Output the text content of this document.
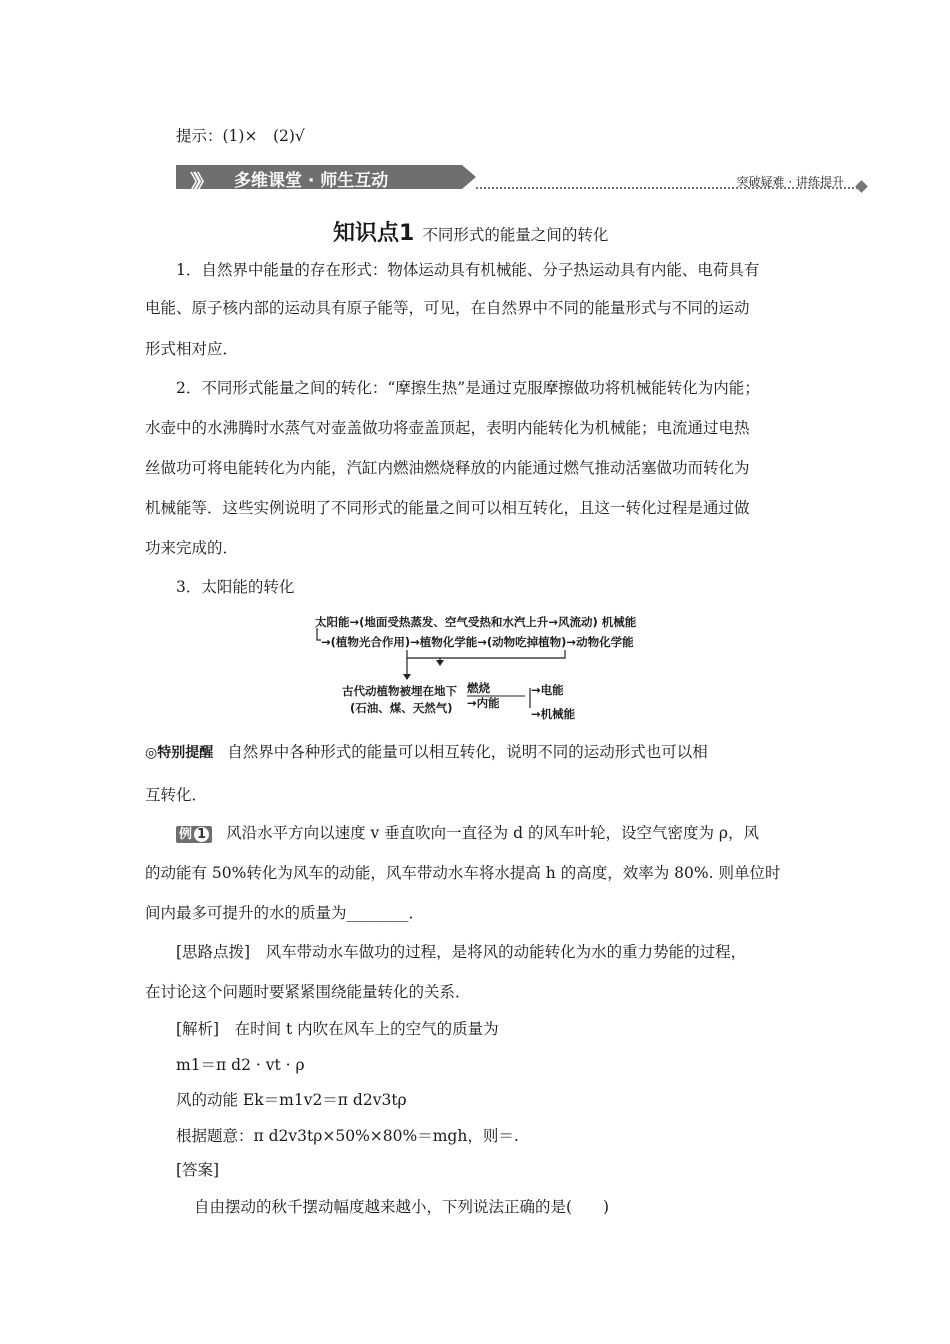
提示：(1)×　(2)√
》》 多维课堂 · 师生互动	突破疑难 · 讲练提升
知识点1 不同形式的能量之间的转化
1．自然界中能量的存在形式：物体运动具有机械能、分子热运动具有内能、电荷具有
电能、原子核内部的运动具有原子能等，可见，在自然界中不同的能量形式与不同的运动
形式相对应．
2．不同形式能量之间的转化：“摩擦生热”是通过克服摩擦做功将机械能转化为内能；
水壶中的水沸腾时水蒸气对壶盖做功将壶盖顶起，表明内能转化为机械能；电流通过电热
丝做功可将电能转化为内能，汽缸内燃油燃烧释放的内能通过燃气推动活塞做功而转化为
机械能等．这些实例说明了不同形式的能量之间可以相互转化，且这一转化过程是通过做
功来完成的．
3．太阳能的转化
太阳能→(地面受热蒸发、空气受热和水汽上升→风流动) 机械能
→(植物光合作用)→植物化学能→(动物吃掉植物)→动物化学能
古代动植物被埋在地下
(石油、煤、天然气)
燃烧
→内能
→电能
→机械能
◎特别提醒 自然界中各种形式的能量可以相互转化，说明不同的运动形式也可以相
互转化．
例 1 风沿水平方向以速度 v 垂直吹向一直径为 d 的风车叶轮，设空气密度为 ρ，风
的动能有 50%转化为风车的动能，风车带动水车将水提高 h 的高度，效率为 80%. 则单位时
间内最多可提升的水的质量为________．
[思路点拨]　风车带动水车做功的过程，是将风的动能转化为水的重力势能的过程，
在讨论这个问题时要紧紧围绕能量转化的关系．
[解析]　在时间 t 内吹在风车上的空气的质量为
m1＝π d2 · vt · ρ
风的动能 Ek＝m1v2＝π d2v3tρ
根据题意：π d2v3tρ×50%×80%＝mgh，则＝.
[答案]
自由摆动的秋千摆动幅度越来越小，下列说法正确的是(　　)
